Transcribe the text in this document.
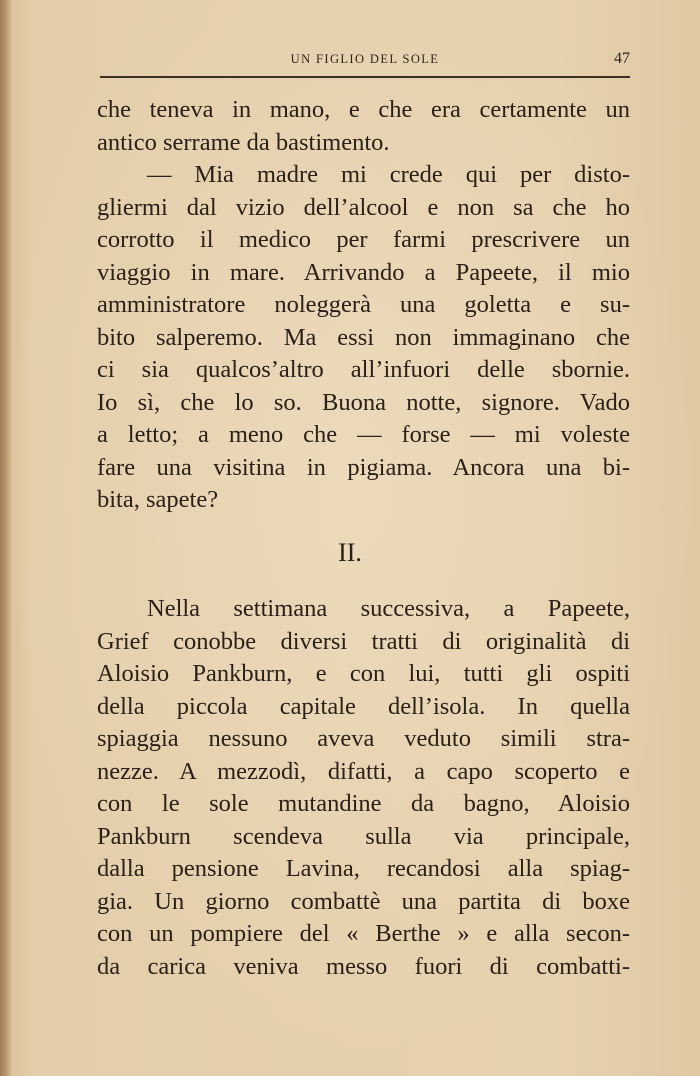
UN FIGLIO DEL SOLE	47
che teneva in mano, e che era certamente un
antico serrame da bastimento.
— Mia madre mi crede qui per disto-
gliermi dal vizio dell’alcool e non sa che ho
corrotto il medico per farmi prescrivere un
viaggio in mare. Arrivando a Papeete, il mio
amministratore noleggerà una goletta e su-
bito salperemo. Ma essi non immaginano che
ci sia qualcos’altro all’infuori delle sbornie.
Io sì, che lo so. Buona notte, signore. Vado
a letto; a meno che — forse — mi voleste
fare una visitina in pigiama. Ancora una bi-
bita, sapete?
II.
Nella settimana successiva, a Papeete,
Grief conobbe diversi tratti di originalità di
Aloisio Pankburn, e con lui, tutti gli ospiti
della piccola capitale dell’isola. In quella
spiaggia nessuno aveva veduto simili stra-
nezze. A mezzodì, difatti, a capo scoperto e
con le sole mutandine da bagno, Aloisio
Pankburn scendeva sulla via principale,
dalla pensione Lavina, recandosi alla spiag-
gia. Un giorno combattè una partita di boxe
con un pompiere del « Berthe » e alla secon-
da carica veniva messo fuori di combatti-
